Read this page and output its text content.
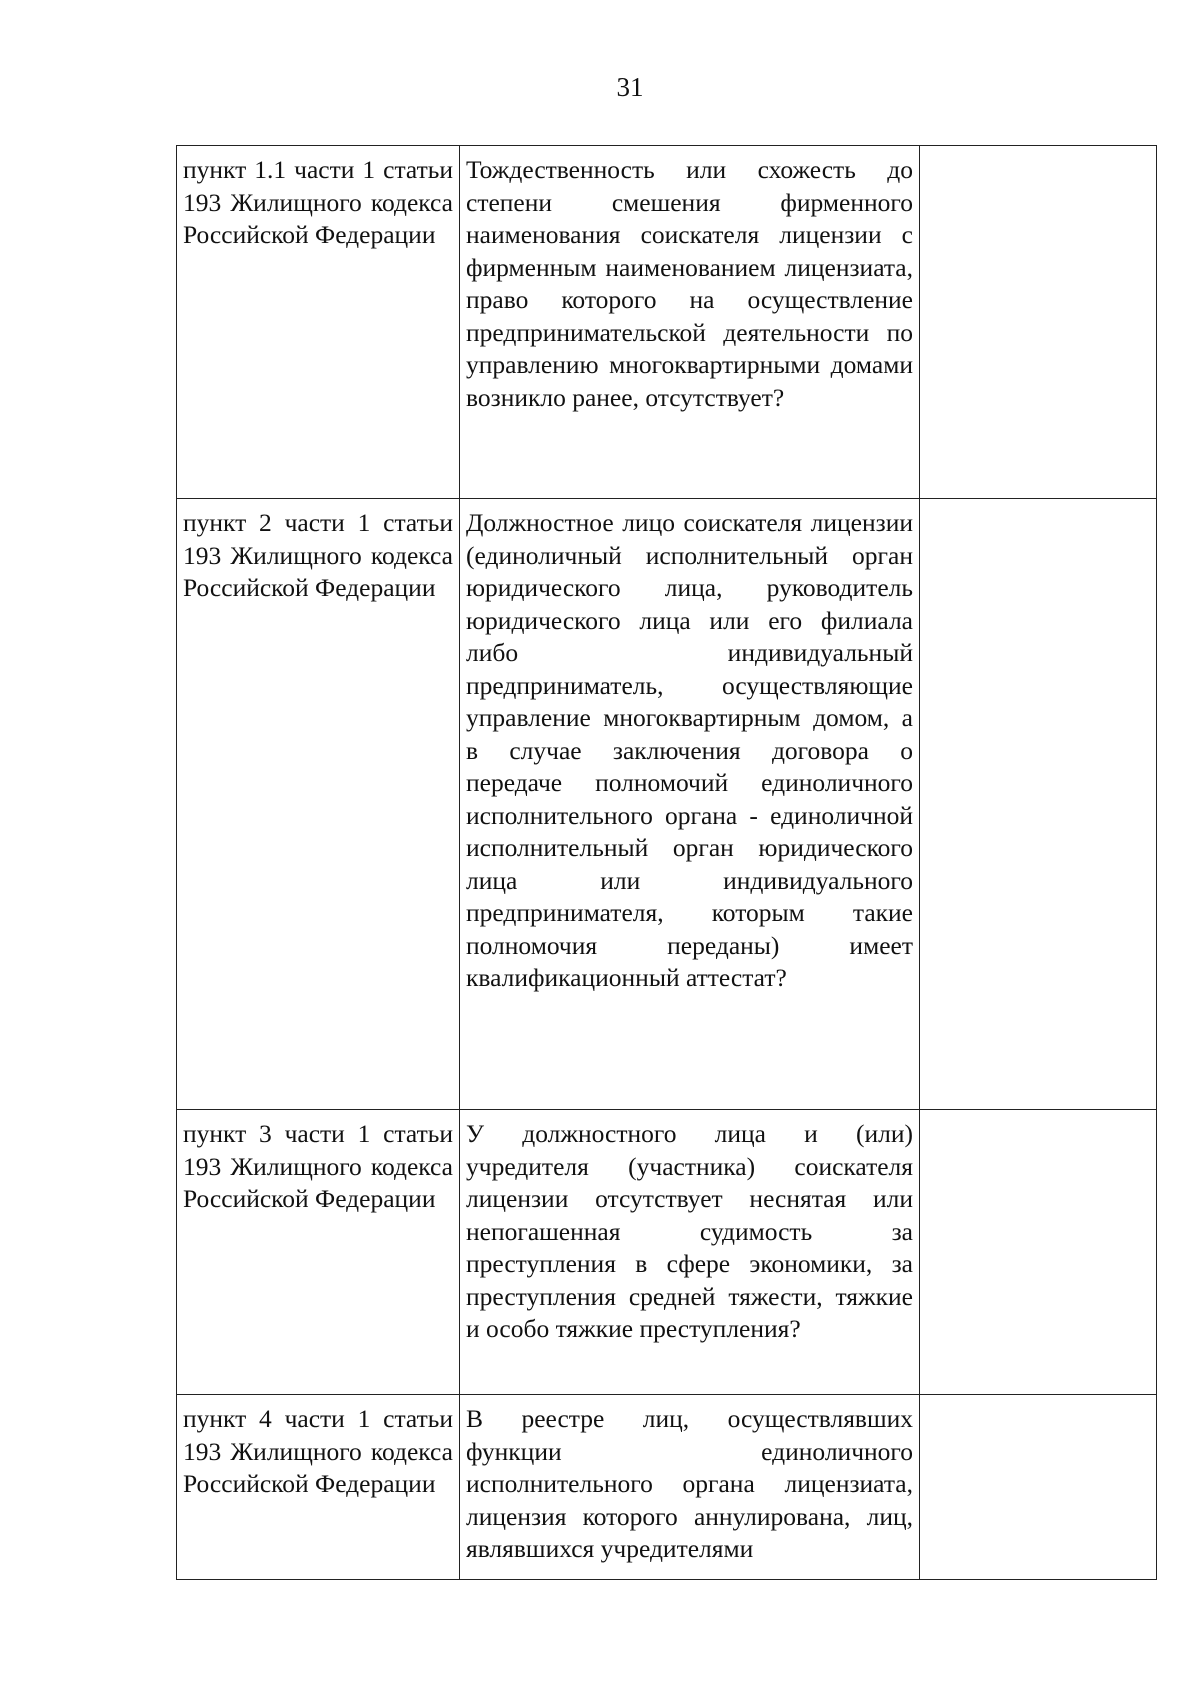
31
пункт 1.1 части 1 статьи 193 Жилищного кодекса Российской Федерации	Тождественность или схожесть до степени смешения фирменного наименования соискателя лицензии с фирменным наименованием лицензиата, право которого на осуществление предпринимательской деятельности по управлению многоквартирными домами возникло ранее, отсутствует?	
пункт 2 части 1 статьи 193 Жилищного кодекса Российской Федерации	Должностное лицо соискателя лицензии (единоличный исполнительный орган юридического лица, руководитель юридического лица или его филиала либо индивидуальный предприниматель, осуществляющие управление многоквартирным домом, а в случае заключения договора о передаче полномочий единоличного исполнительного органа - единоличной исполнительный орган юридического лица или индивидуального предпринимателя, которым такие полномочия переданы) имеет квалификационный аттестат?	
пункт 3 части 1 статьи 193 Жилищного кодекса Российской Федерации	У должностного лица и (или) учредителя (участника) соискателя лицензии отсутствует неснятая или непогашенная судимость за преступления в сфере экономики, за преступления средней тяжести, тяжкие и особо тяжкие преступления?	
пункт 4 части 1 статьи 193 Жилищного кодекса Российской Федерации	В реестре лиц, осуществлявших функции единоличного исполнительного органа лицензиата, лицензия которого аннулирована, лиц, являвшихся учредителями	
